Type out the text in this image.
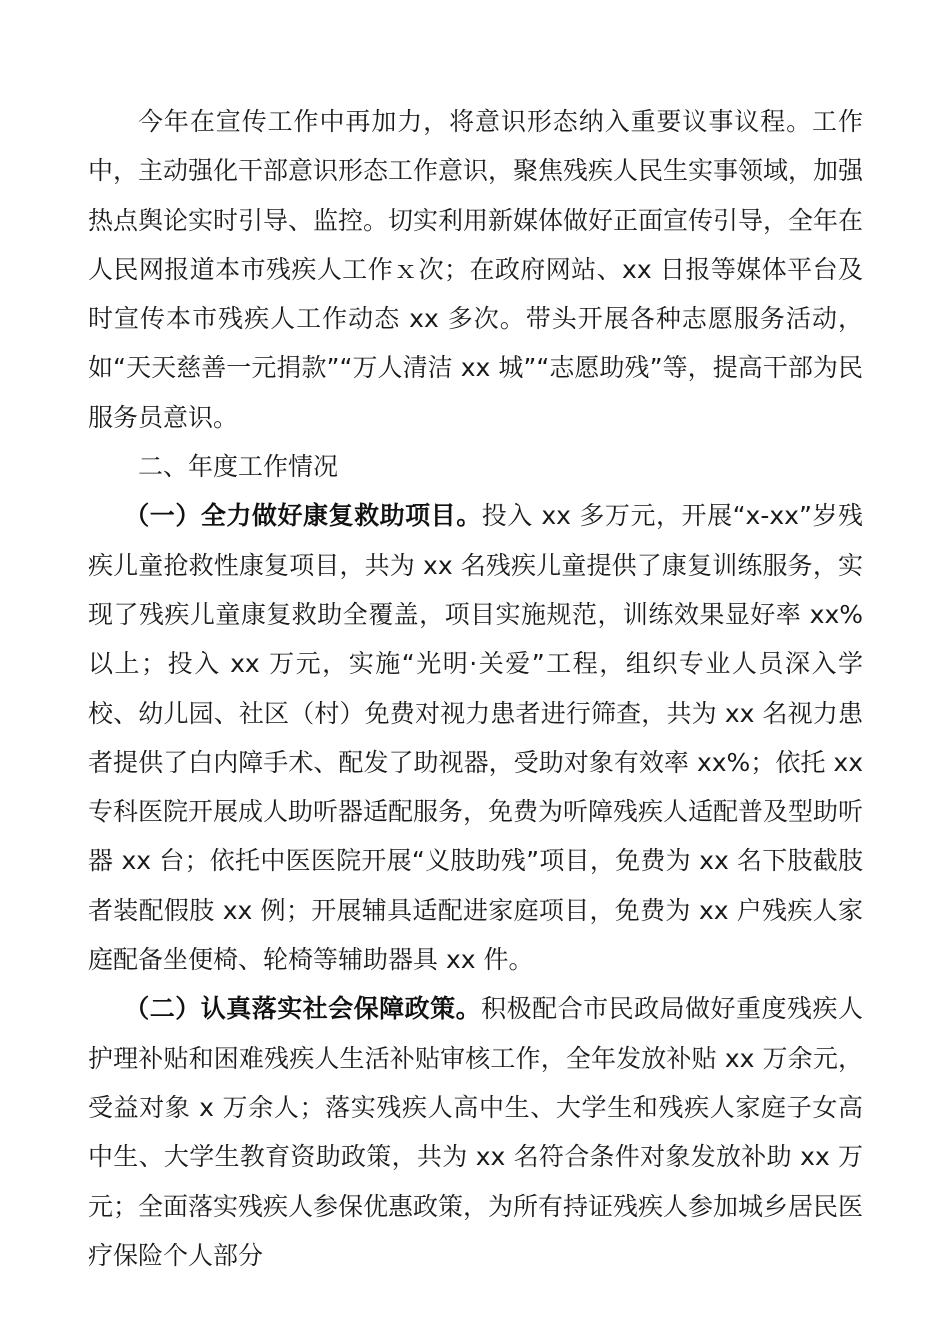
今年在宣传工作中再加力，将意识形态纳入重要议事议程。工作中，主动强化干部意识形态工作意识，聚焦残疾人民生实事领域，加强热点舆论实时引导、监控。切实利用新媒体做好正面宣传引导，全年在人民网报道本市残疾人工作ｘ次；在政府网站、xx 日报等媒体平台及时宣传本市残疾人工作动态 xx 多次。带头开展各种志愿服务活动，如“天天慈善一元捐款”“万人清洁 xx 城”“志愿助残”等，提高干部为民服务员意识。

二、年度工作情况

（一）全力做好康复救助项目。投入 xx 多万元，开展“x-xx”岁残疾儿童抢救性康复项目，共为 xx 名残疾儿童提供了康复训练服务，实现了残疾儿童康复救助全覆盖，项目实施规范，训练效果显好率 xx%以上；投入 xx 万元，实施“光明·关爱”工程，组织专业人员深入学校、幼儿园、社区（村）免费对视力患者进行筛查，共为 xx 名视力患者提供了白内障手术、配发了助视器，受助对象有效率 xx%；依托 xx 专科医院开展成人助听器适配服务，免费为听障残疾人适配普及型助听器 xx 台；依托中医医院开展“义肢助残”项目，免费为 xx 名下肢截肢者装配假肢 xx 例；开展辅具适配进家庭项目，免费为 xx 户残疾人家庭配备坐便椅、轮椅等辅助器具 xx 件。

（二）认真落实社会保障政策。积极配合市民政局做好重度残疾人护理补贴和困难残疾人生活补贴审核工作，全年发放补贴 xx 万余元，受益对象 x 万余人；落实残疾人高中生、大学生和残疾人家庭子女高中生、大学生教育资助政策，共为 xx 名符合条件对象发放补助 xx 万元；全面落实残疾人参保优惠政策，为所有持证残疾人参加城乡居民医疗保险个人部分
